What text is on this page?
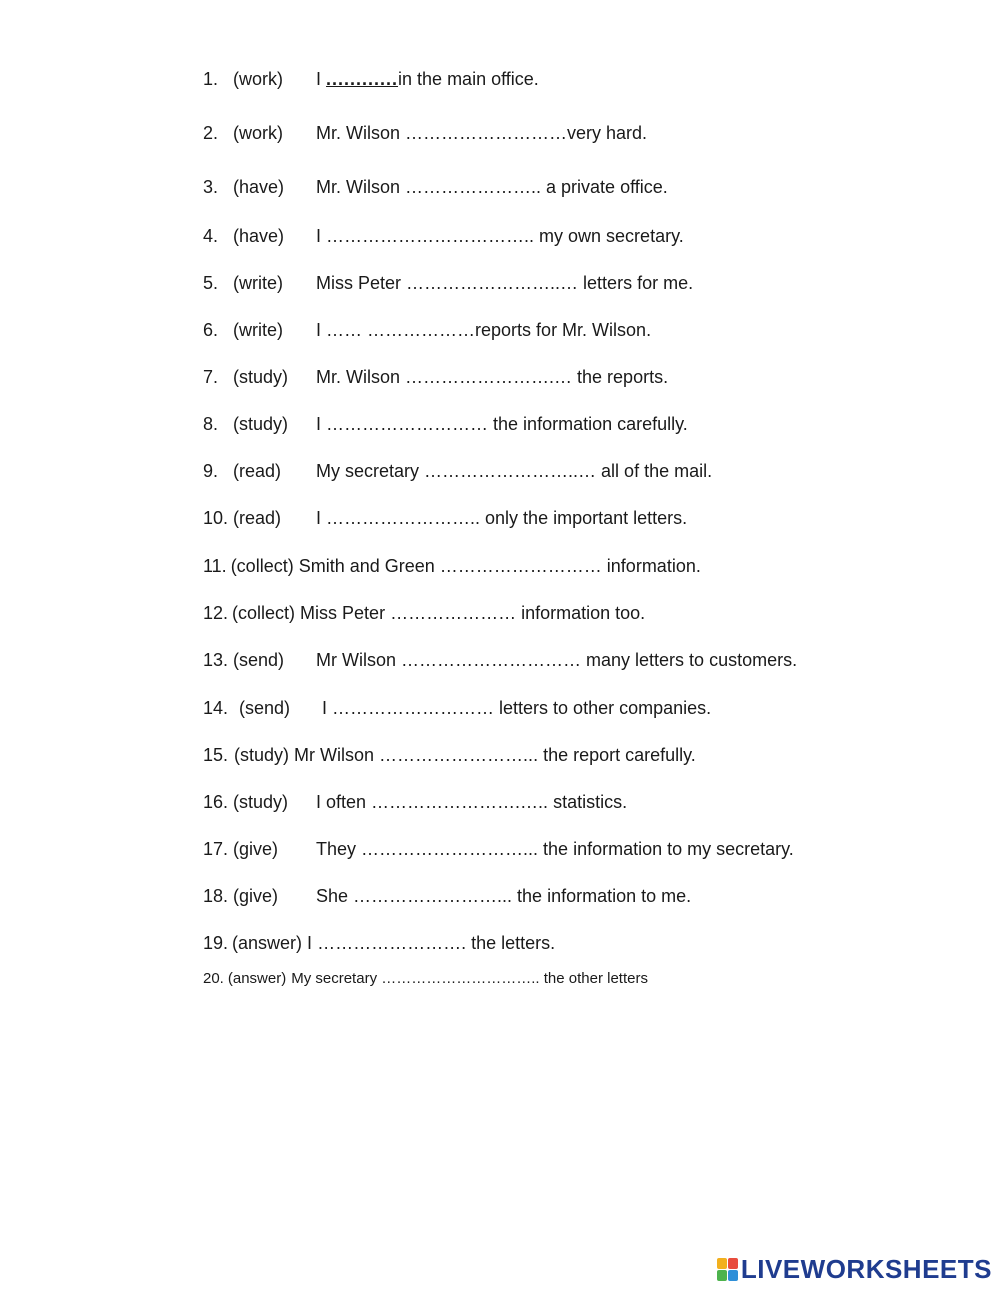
1. (work) I ............in the main office.
2. (work) Mr. Wilson ………………………very hard.
3. (have) Mr. Wilson ………………….. a private office.
4. (have) I …………………………….. my own secretary.
5. (write) Miss Peter ……………………..… letters for me.
6. (write) I …… ………………reports for Mr. Wilson.
7. (study) Mr. Wilson …………………….… the reports.
8. (study) I ……………………… the information carefully.
9. (read) My secretary ……………………..… all of the mail.
10. (read) I …………………….. only the important letters.
11. (collect) Smith and Green ……………………… information.
12. (collect) Miss Peter ………………… information too.
13. (send) Mr Wilson ………………………… many letters to customers.
14. (send) I ……………………… letters to other companies.
15. (study) Mr Wilson ……………………... the report carefully.
16. (study) I often …………………….….. statistics.
17. (give) They ………………………... the information to my secretary.
18. (give) She ……………………... the information to me.
19. (answer) I ……………………. the letters.
20. (answer) My secretary ………………………….. the other letters
LIVEWORKSHEETS
